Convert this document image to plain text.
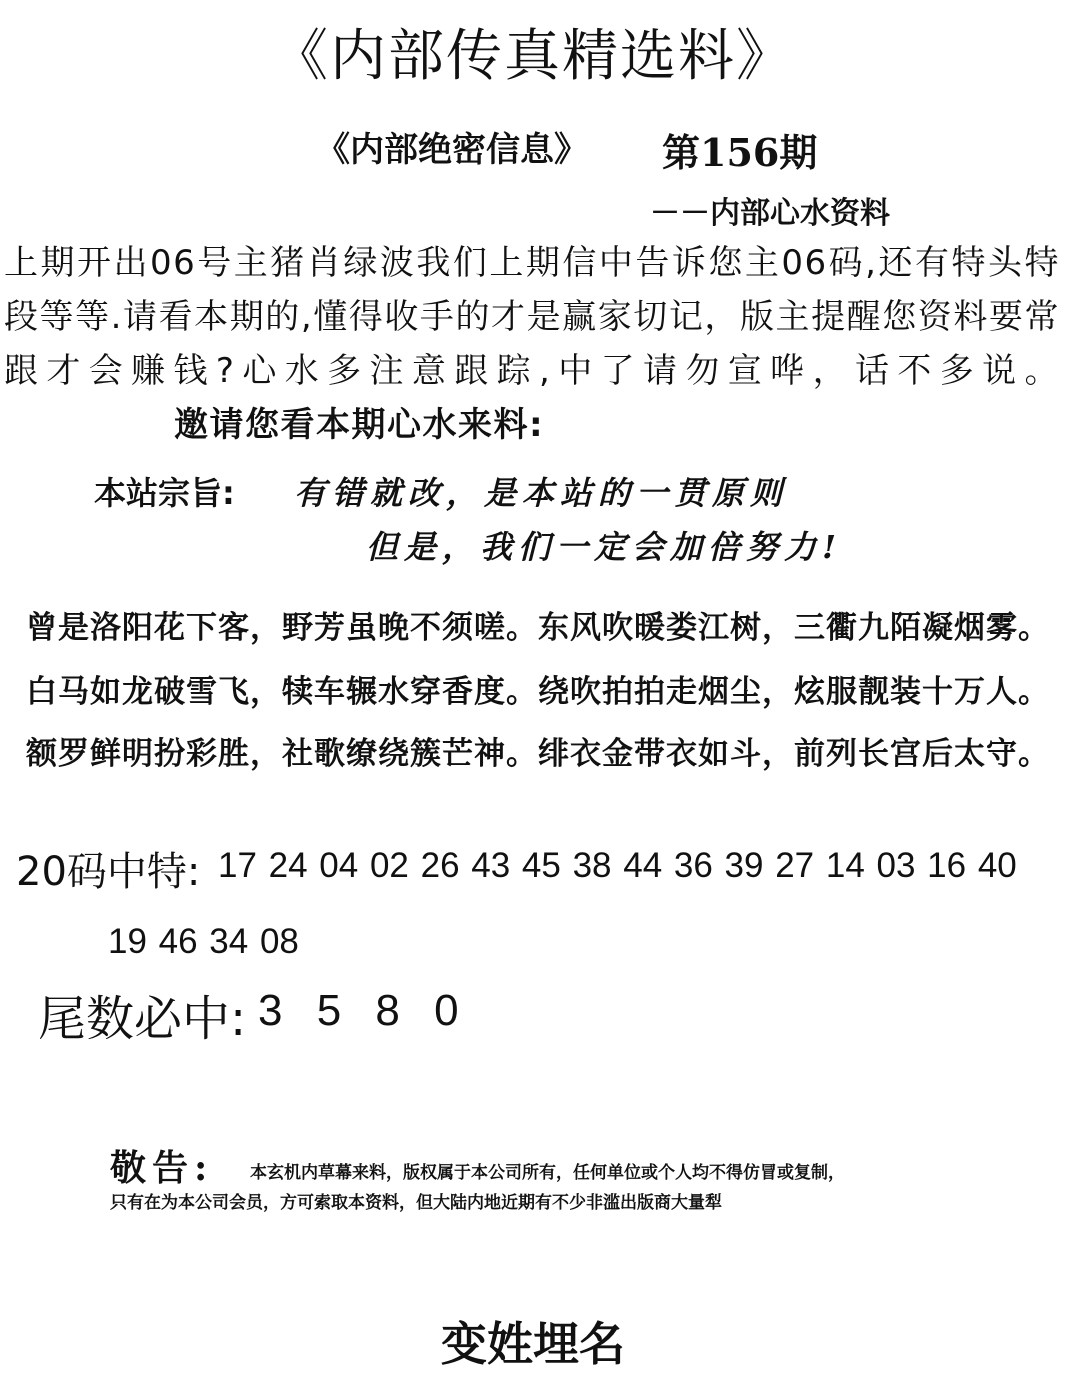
《内部传真精选料》
《内部绝密信息》 第156期
－－内部心水资料
上期开出06号主猪肖绿波我们上期信中告诉您主06码,还有特头特段等等.请看本期的,懂得收手的才是赢家切记，版主提醒您资料要常跟才会赚钱?心水多注意跟踪,中了请勿宣哗，话不多说。邀请您看本期心水来料:
本站宗旨: 有错就改，是本站的一贯原则
但是，我们一定会加倍努力!
曾是洛阳花下客，野芳虽晚不须嗟。东风吹暖娄江树，三衢九陌凝烟雾。
白马如龙破雪飞，犊车辗水穿香度。绕吹拍拍走烟尘，炫服靓装十万人。
额罗鲜明扮彩胜，社歌缭绕簇芒神。绯衣金带衣如斗，前列长宫后太守。
20码中特: 17 24 04 02 26 43 45 38 44 36 39 27 14 03 16 40
19 46 34 08
尾数必中: 3 5 8 0
敬告: 本玄机内草幕来料，版权属于本公司所有，任何单位或个人均不得仿冒或复制，
只有在为本公司会员，方可索取本资料，但大陆内地近期有不少非滥出版商大量犁
变姓埋名
